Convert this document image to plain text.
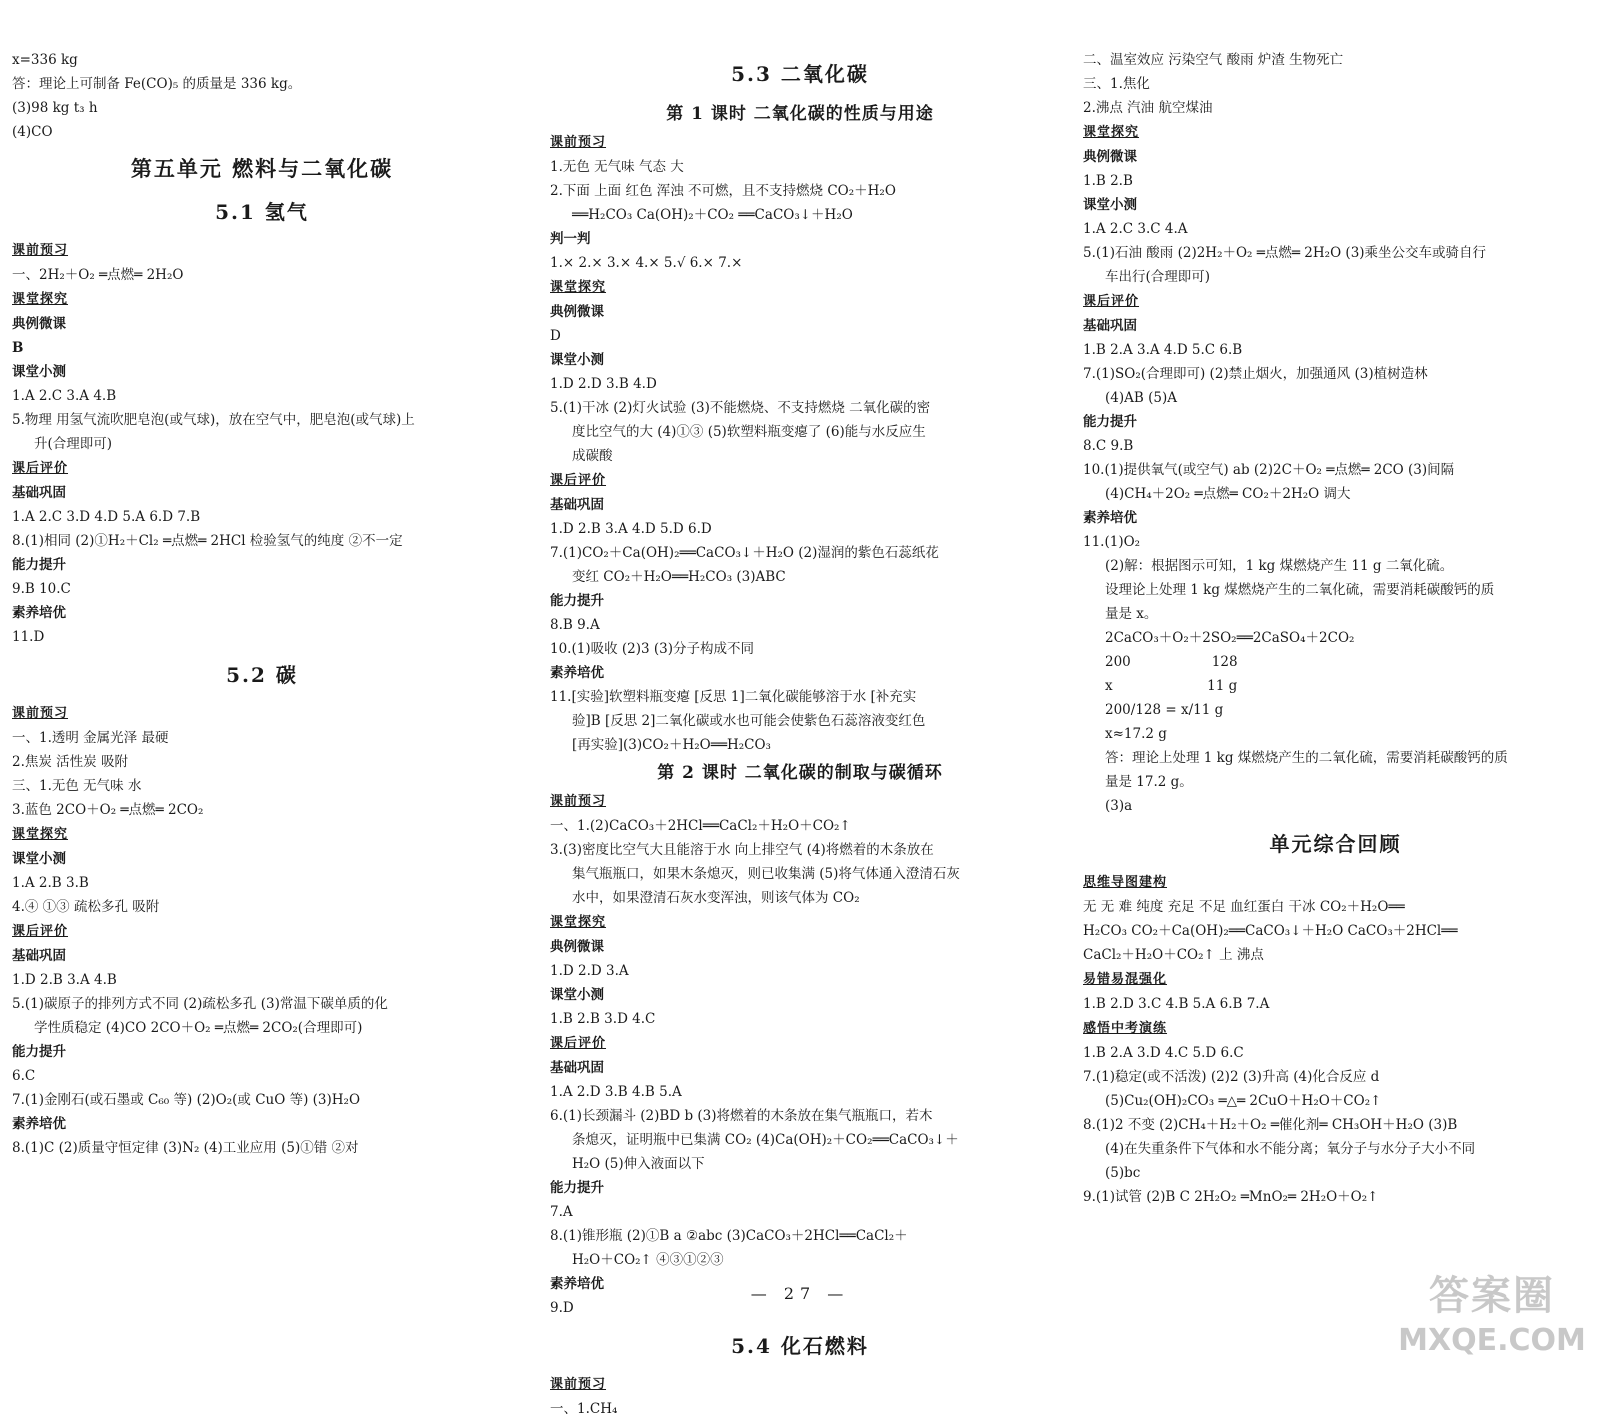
x=336 kg
答：理论上可制备 Fe(CO)₅ 的质量是 336 kg。
(3)98 kg t₃ h
(4)CO
第五单元 燃料与二氧化碳
5.1 氢气
课前预习
一、2H₂＋O₂ ═点燃═ 2H₂O
课堂探究
典例微课
B
课堂小测
1.A 2.C 3.A 4.B
5.物理 用氢气流吹肥皂泡(或气球)，放在空气中，肥皂泡(或气球)上
升(合理即可)
课后评价
基础巩固
1.A 2.C 3.D 4.D 5.A 6.D 7.B
8.(1)相同 (2)①H₂＋Cl₂ ═点燃═ 2HCl 检验氢气的纯度 ②不一定
能力提升
9.B 10.C
素养培优
11.D
5.2 碳
课前预习
一、1.透明 金属光泽 最硬
2.焦炭 活性炭 吸附
三、1.无色 无气味 水
3.蓝色 2CO＋O₂ ═点燃═ 2CO₂
课堂探究
课堂小测
1.A 2.B 3.B
4.④ ①③ 疏松多孔 吸附
课后评价
基础巩固
1.D 2.B 3.A 4.B
5.(1)碳原子的排列方式不同 (2)疏松多孔 (3)常温下碳单质的化
学性质稳定 (4)CO 2CO＋O₂ ═点燃═ 2CO₂(合理即可)
能力提升
6.C
7.(1)金刚石(或石墨或 C₆₀ 等) (2)O₂(或 CuO 等) (3)H₂O
素养培优
8.(1)C (2)质量守恒定律 (3)N₂ (4)工业应用 (5)①错 ②对
5.3 二氧化碳
第 1 课时 二氧化碳的性质与用途
课前预习
1.无色 无气味 气态 大
2.下面 上面 红色 浑浊 不可燃，且不支持燃烧 CO₂＋H₂O
══H₂CO₃ Ca(OH)₂＋CO₂ ══CaCO₃↓＋H₂O
判一判
1.× 2.× 3.× 4.× 5.√ 6.× 7.×
课堂探究
典例微课
D
课堂小测
1.D 2.D 3.B 4.D
5.(1)干冰 (2)灯火试验 (3)不能燃烧、不支持燃烧 二氧化碳的密
度比空气的大 (4)①③ (5)软塑料瓶变瘪了 (6)能与水反应生
成碳酸
课后评价
基础巩固
1.D 2.B 3.A 4.D 5.D 6.D
7.(1)CO₂＋Ca(OH)₂══CaCO₃↓＋H₂O (2)湿润的紫色石蕊纸花
变红 CO₂＋H₂O══H₂CO₃ (3)ABC
能力提升
8.B 9.A
10.(1)吸收 (2)3 (3)分子构成不同
素养培优
11.[实验]软塑料瓶变瘪 [反思 1]二氧化碳能够溶于水 [补充实
验]B [反思 2]二氧化碳或水也可能会使紫色石蕊溶液变红色
[再实验](3)CO₂＋H₂O══H₂CO₃
第 2 课时 二氧化碳的制取与碳循环
课前预习
一、1.(2)CaCO₃＋2HCl══CaCl₂＋H₂O＋CO₂↑
3.(3)密度比空气大且能溶于水 向上排空气 (4)将燃着的木条放在
集气瓶瓶口，如果木条熄灭，则已收集满 (5)将气体通入澄清石灰
水中，如果澄清石灰水变浑浊，则该气体为 CO₂
课堂探究
典例微课
1.D 2.D 3.A
课堂小测
1.B 2.B 3.D 4.C
课后评价
基础巩固
1.A 2.D 3.B 4.B 5.A
6.(1)长颈漏斗 (2)BD b (3)将燃着的木条放在集气瓶瓶口，若木
条熄灭，证明瓶中已集满 CO₂ (4)Ca(OH)₂＋CO₂══CaCO₃↓＋
H₂O (5)伸入液面以下
能力提升
7.A
8.(1)锥形瓶 (2)①B a ②abc (3)CaCO₃＋2HCl══CaCl₂＋
H₂O＋CO₂↑ ④③①②③
素养培优
9.D
5.4 化石燃料
课前预习
一、1.CH₄
二、温室效应 污染空气 酸雨 炉渣 生物死亡
三、1.焦化
2.沸点 汽油 航空煤油
课堂探究
典例微课
1.B 2.B
课堂小测
1.A 2.C 3.C 4.A
5.(1)石油 酸雨 (2)2H₂＋O₂ ═点燃═ 2H₂O (3)乘坐公交车或骑自行
车出行(合理即可)
课后评价
基础巩固
1.B 2.A 3.A 4.D 5.C 6.B
7.(1)SO₂(合理即可) (2)禁止烟火，加强通风 (3)植树造林
(4)AB (5)A
能力提升
8.C 9.B
10.(1)提供氧气(或空气) ab (2)2C＋O₂ ═点燃═ 2CO (3)间隔
(4)CH₄＋2O₂ ═点燃═ CO₂＋2H₂O 调大
素养培优
11.(1)O₂
(2)解：根据图示可知，1 kg 煤燃烧产生 11 g 二氧化硫。
设理论上处理 1 kg 煤燃烧产生的二氧化硫，需要消耗碳酸钙的质
量是 x。
2CaCO₃＋O₂＋2SO₂══2CaSO₄＋2CO₂
200　　　　　　128
x　　　　　　　11 g
200/128 = x/11 g
x≈17.2 g
答：理论上处理 1 kg 煤燃烧产生的二氧化硫，需要消耗碳酸钙的质
量是 17.2 g。
(3)a
单元综合回顾
思维导图建构
无 无 难 纯度 充足 不足 血红蛋白 干冰 CO₂＋H₂O══
H₂CO₃ CO₂＋Ca(OH)₂══CaCO₃↓＋H₂O CaCO₃＋2HCl══
CaCl₂＋H₂O＋CO₂↑ 上 沸点
易错易混强化
1.B 2.D 3.C 4.B 5.A 6.B 7.A
感悟中考演练
1.B 2.A 3.D 4.C 5.D 6.C
7.(1)稳定(或不活泼) (2)2 (3)升高 (4)化合反应 d
(5)Cu₂(OH)₂CO₃ ═△═ 2CuO＋H₂O＋CO₂↑
8.(1)2 不变 (2)CH₄＋H₂＋O₂ ═催化剂═ CH₃OH＋H₂O (3)B
(4)在失重条件下气体和水不能分离；氧分子与水分子大小不同
(5)bc
9.(1)试管 (2)B C 2H₂O₂ ═MnO₂═ 2H₂O＋O₂↑
— 27 —	答案圈
MXQE.COM
